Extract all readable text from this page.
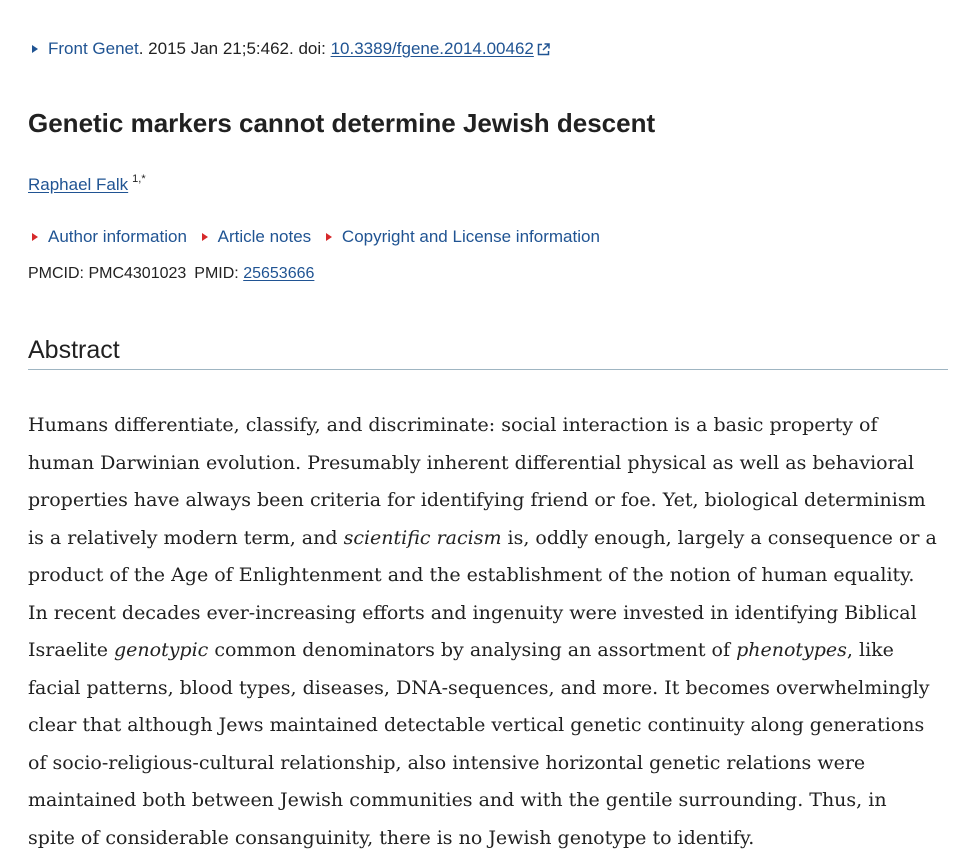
Front Genet. 2015 Jan 21;5:462. doi: 10.3389/fgene.2014.00462
Genetic markers cannot determine Jewish descent
Raphael Falk $^{1,*}$
Author information Article notes Copyright and License information
PMCID: PMC4301023 PMID: 25653666
Abstract

Humans differentiate, classify, and discriminate: social interaction is a basic property of
human Darwinian evolution. Presumably inherent differential physical as well as behavioral
properties have always been criteria for identifying friend or foe. Yet, biological determinism
is a relatively modern term, and scientific racism is, oddly enough, largely a consequence or a
product of the Age of Enlightenment and the establishment of the notion of human equality.
In recent decades ever-increasing efforts and ingenuity were invested in identifying Biblical
Israelite genotypic common denominators by analysing an assortment of phenotypes, like
facial patterns, blood types, diseases, DNA-sequences, and more. It becomes overwhelmingly
clear that although Jews maintained detectable vertical genetic continuity along generations
of socio-religious-cultural relationship, also intensive horizontal genetic relations were
maintained both between Jewish communities and with the gentile surrounding. Thus, in
spite of considerable consanguinity, there is no Jewish genotype to identify.
